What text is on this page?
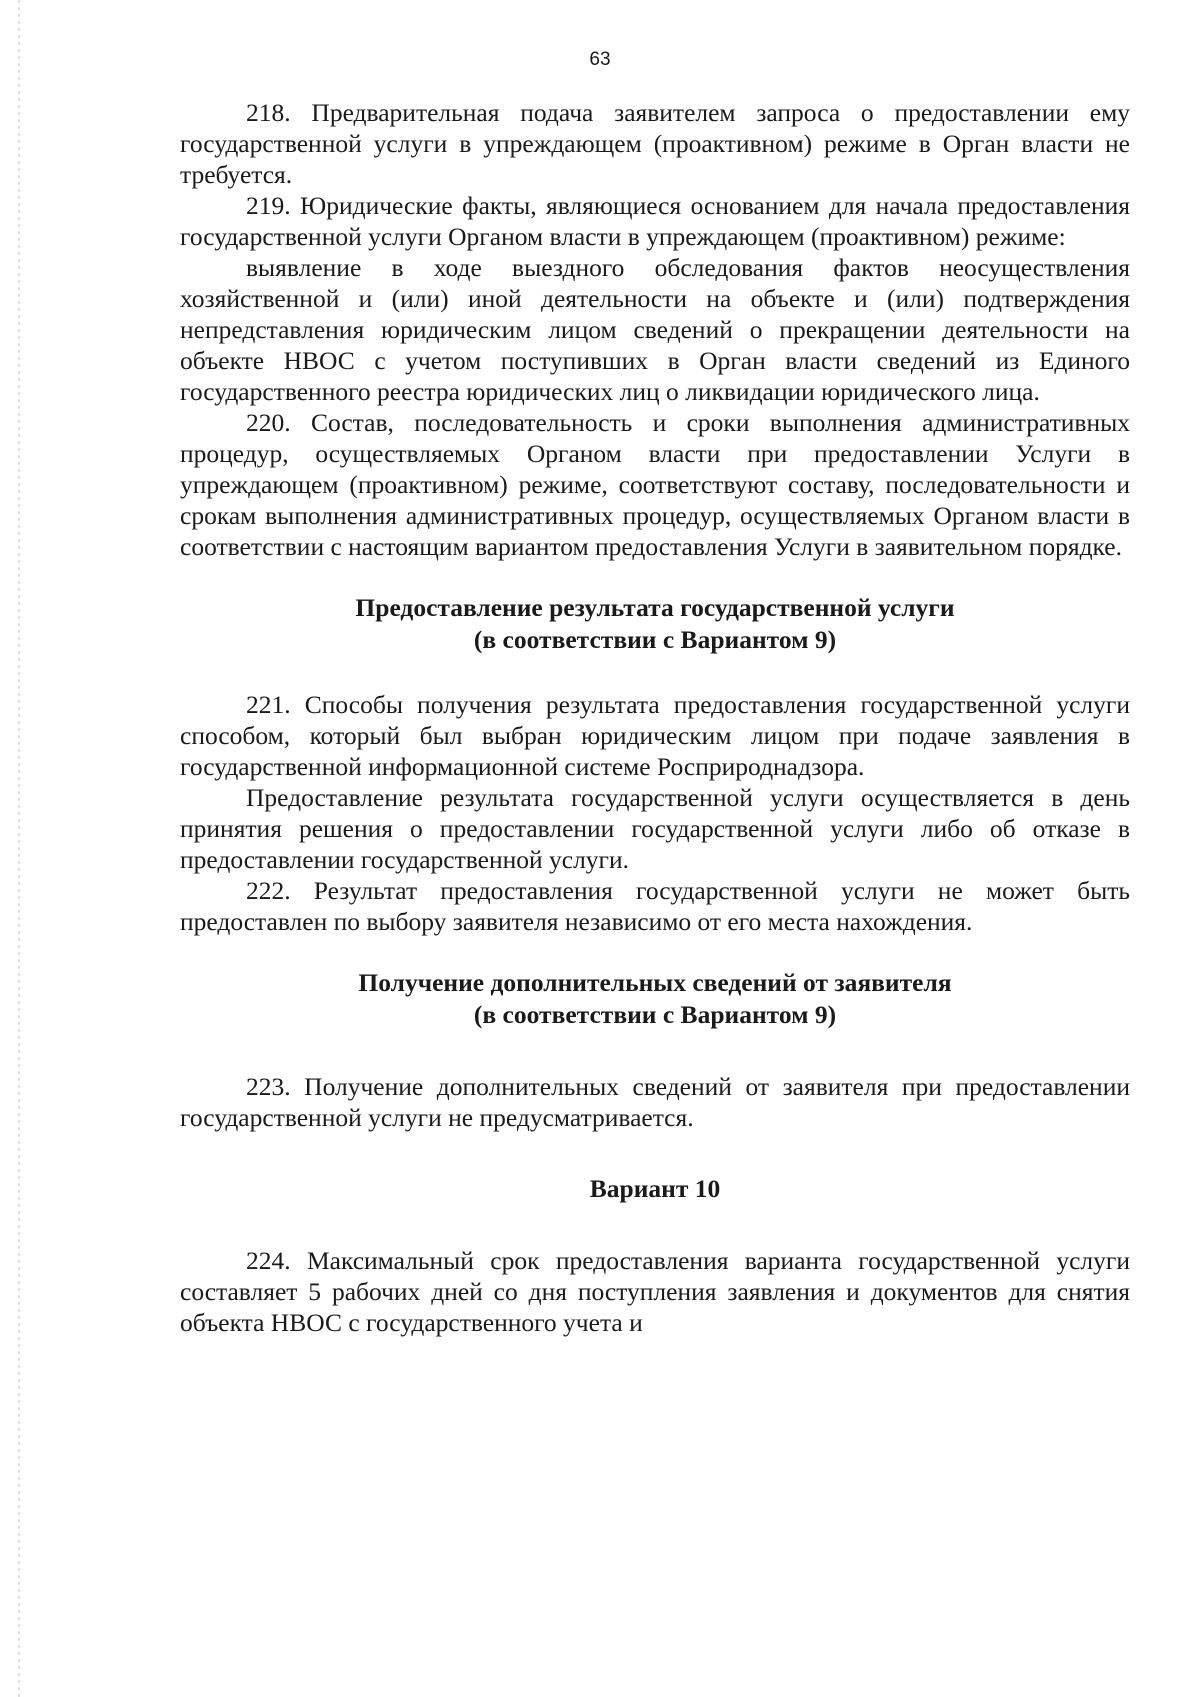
63

218. Предварительная подача заявителем запроса о предоставлении ему государственной услуги в упреждающем (проактивном) режиме в Орган власти не требуется.

219. Юридические факты, являющиеся основанием для начала предоставления государственной услуги Органом власти в упреждающем (проактивном) режиме:

выявление в ходе выездного обследования фактов неосуществления хозяйственной и (или) иной деятельности на объекте и (или) подтверждения непредставления юридическим лицом сведений о прекращении деятельности на объекте НВОС с учетом поступивших в Орган власти сведений из Единого государственного реестра юридических лиц о ликвидации юридического лица.

220. Состав, последовательность и сроки выполнения административных процедур, осуществляемых Органом власти при предоставлении Услуги в упреждающем (проактивном) режиме, соответствуют составу, последовательности и срокам выполнения административных процедур, осуществляемых Органом власти в соответствии с настоящим вариантом предоставления Услуги в заявительном порядке.

Предоставление результата государственной услуги
(в соответствии с Вариантом 9)

221. Способы получения результата предоставления государственной услуги способом, который был выбран юридическим лицом при подаче заявления в государственной информационной системе Росприроднадзора.

Предоставление результата государственной услуги осуществляется в день принятия решения о предоставлении государственной услуги либо об отказе в предоставлении государственной услуги.

222. Результат предоставления государственной услуги не может быть предоставлен по выбору заявителя независимо от его места нахождения.

Получение дополнительных сведений от заявителя
(в соответствии с Вариантом 9)

223. Получение дополнительных сведений от заявителя при предоставлении государственной услуги не предусматривается.

Вариант 10

224. Максимальный срок предоставления варианта государственной услуги составляет 5 рабочих дней со дня поступления заявления и документов для снятия объекта НВОС с государственного учета и
